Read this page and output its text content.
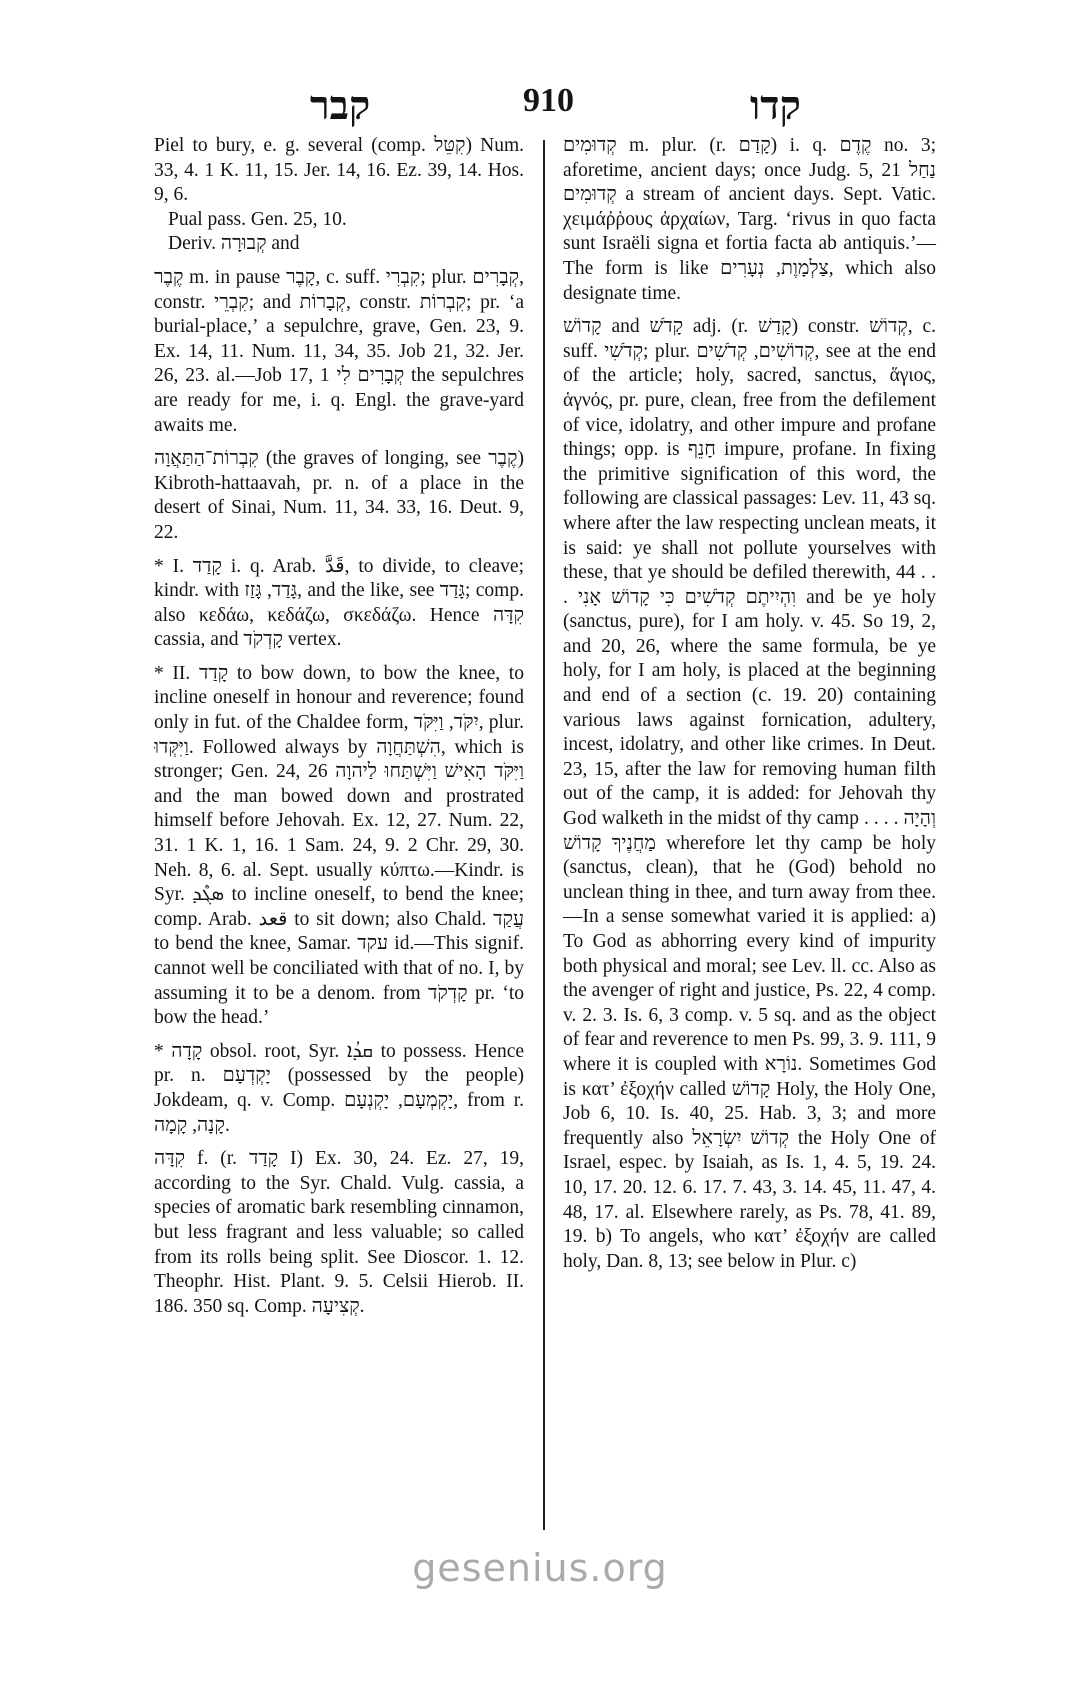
קבר	910	קדו

Piel to bury, e. g. several (comp. קִטֵּל) Num. 33, 4. 1 K. 11, 15. Jer. 14, 16. Ez. 39, 14. Hos. 9, 6.

Pual pass. Gen. 25, 10.

Deriv. קְבוּרָה and

קֶבֶר m. in pause קָבֶר, c. suff. קִבְרִי; plur. קְבָרִים, constr. קִבְרֵי; and קְבָרוֹת, constr. קִבְרוֹת; pr. ‘a burial-place,’ a sepulchre, grave, Gen. 23, 9. Ex. 14, 11. Num. 11, 34, 35. Job 21, 32. Jer. 26, 23. al.—Job 17, 1 קְבָרִים לִי the sepulchres are ready for me, i. q. Engl. the grave-yard awaits me.

קִבְרוֹת־הַתַּאֲוָה (the graves of longing, see קֶבֶר) Kibroth-hattaavah, pr. n. of a place in the desert of Sinai, Num. 11, 34. 33, 16. Deut. 9, 22.

* I. קָדַד i. q. Arab. قَدَّ, to divide, to cleave; kindr. with גָּדַד, גָּזַז, and the like, see גָּדַד; comp. also κεδάω, κεδάζω, σκεδάζω. Hence קִדָּה cassia, and קָדְקֹד vertex.

* II. קָדַד to bow down, to bow the knee, to incline oneself in honour and reverence; found only in fut. of the Chaldee form, יִקֹּד, וַיִּקֹּד, plur. וַיִּקְּדוּ. Followed always by הִשְׁתַּחֲוָה, which is stronger; Gen. 24, 26 וַיִּקֹּד הָאִישׁ וַיִּשְׁתַּחוּ לַיהוָה and the man bowed down and prostrated himself before Jehovah. Ex. 12, 27. Num. 22, 31. 1 K. 1, 16. 1 Sam. 24, 9. 2 Chr. 29, 30. Neh. 8, 6. al. Sept. usually κύπτω.—Kindr. is Syr. ܣܓܶܕ to incline oneself, to bend the knee; comp. Arab. قعد to sit down; also Chald. עֲקַד to bend the knee, Samar. עקד id.—This signif. cannot well be conciliated with that of no. I, by assuming it to be a denom. from קָדְקֹד pr. ‘to bow the head.’

* קָדָה obsol. root, Syr. ܩܕܳܐ to possess. Hence pr. n. יָקְדְעָם (possessed by the people) Jokdeam, q. v. Comp. יָקְמְעָם, יָקְנְעָם, from r. קָנָה, קָמָה.

קִדָּה f. (r. קָדַד I) Ex. 30, 24. Ez. 27, 19, according to the Syr. Chald. Vulg. cassia, a species of aromatic bark resembling cinnamon, but less fragrant and less valuable; so called from its rolls being split. See Dioscor. 1. 12. Theophr. Hist. Plant. 9. 5. Celsii Hierob. II. 186. 350 sq. Comp. קְצִיעָה.

קְדוּמִים m. plur. (r. קָדַם) i. q. קֶדֶם no. 3; aforetime, ancient days; once Judg. 5, 21 נַחַל קְדוּמִים a stream of ancient days. Sept. Vatic. χειμάῤῥους ἀρχαίων, Targ. ‘rivus in quo facta sunt Israëli signa et fortia facta ab antiquis.’—The form is like צַלְמָוֶת, נְעָרִים, which also designate time.

קָדוֹשׁ and קָדֹשׁ adj. (r. קָדַשׁ) constr. קְדוֹשׁ, c. suff. קְדֹשִׁי; plur. קְדוֹשִׁים, קְדֹשִׁים, see at the end of the article; holy, sacred, sanctus, ἅγιος, ἁγνός, pr. pure, clean, free from the defilement of vice, idolatry, and other impure and profane things; opp. is חָנֵף impure, profane. In fixing the primitive signification of this word, the following are classical passages: Lev. 11, 43 sq. where after the law respecting unclean meats, it is said: ye shall not pollute yourselves with these, that ye should be defiled therewith, 44 . . . וִהְיִיתֶם קְדֹשִׁים כִּי קָדוֹשׁ אָנִי and be ye holy (sanctus, pure), for I am holy. v. 45. So 19, 2, and 20, 26, where the same formula, be ye holy, for I am holy, is placed at the beginning and end of a section (c. 19. 20) containing various laws against fornication, adultery, incest, idolatry, and other like crimes. In Deut. 23, 15, after the law for removing human filth out of the camp, it is added: for Jehovah thy God walketh in the midst of thy camp . . . . וְהָיָה מַחֲנֶיךָ קָדוֹשׁ wherefore let thy camp be holy (sanctus, clean), that he (God) behold no unclean thing in thee, and turn away from thee.—In a sense somewhat varied it is applied: a) To God as abhorring every kind of impurity both physical and moral; see Lev. ll. cc. Also as the avenger of right and justice, Ps. 22, 4 comp. v. 2. 3. Is. 6, 3 comp. v. 5 sq. and as the object of fear and reverence to men Ps. 99, 3. 9. 111, 9 where it is coupled with נוֹרָא. Sometimes God is κατ’ ἐξοχήν called קָדוֹשׁ Holy, the Holy One, Job 6, 10. Is. 40, 25. Hab. 3, 3; and more frequently also קְדוֹשׁ יִשְׂרָאֵל the Holy One of Israel, espec. by Isaiah, as Is. 1, 4. 5, 19. 24. 10, 17. 20. 12. 6. 17. 7. 43, 3. 14. 45, 11. 47, 4. 48, 17. al. Elsewhere rarely, as Ps. 78, 41. 89, 19. b) To angels, who κατ’ ἐξοχήν are called holy, Dan. 8, 13; see below in Plur. c)

gesenius.org
